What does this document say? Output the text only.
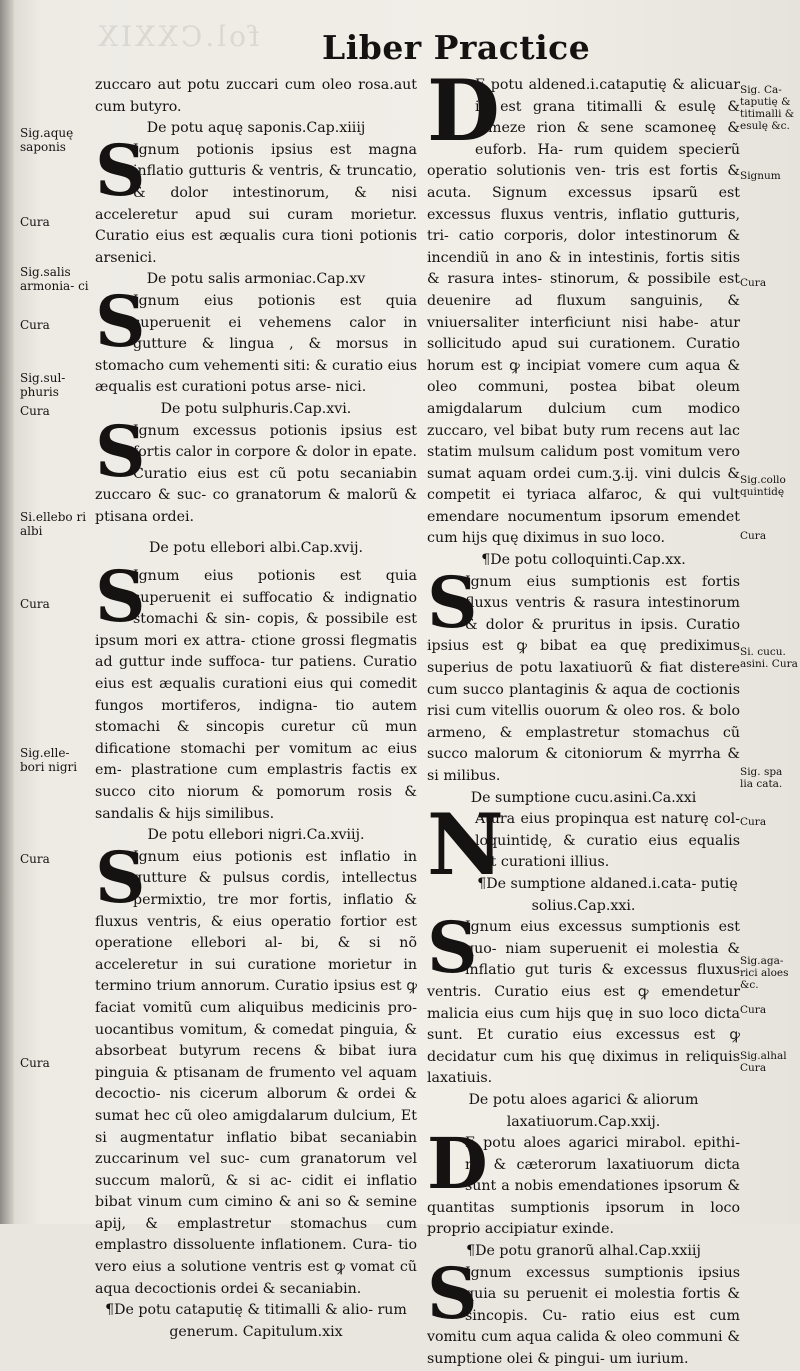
fol.CXXIX Liber Practice

zuccaro aut potu zuccari cum oleo rosa.aut cum butyro.

De potu aquę saponis.Cap.xiiij

S
Ignum potionis ipsius est magna inflatio gutturis & ventris, & truncatio, & dolor intestinorum, & nisi acceleretur apud sui curam morietur. Curatio eius est æqualis cura tioni potionis arsenici.

De potu salis armoniac.Cap.xv

S
Ignum eius potionis est quia superuenit ei vehemens calor in gutture & lingua , & morsus in stomacho cum vehementi siti: & curatio eius æqualis est curationi potus arse- nici.

De potu sulphuris.Cap.xvi.

S
Ignum excessus potionis ipsius est fortis calor in corpore & dolor in epate. Curatio eius est cũ potu secaniabin zuccaro & suc- co granatorum & malorũ & ptisana ordei.

De potu ellebori albi.Cap.xvij.

S
Ignum eius potionis est quia superuenit ei suffocatio & indignatio stomachi & sin- copis, & possibile est ipsum mori ex attra- ctione grossi flegmatis ad guttur inde suffoca- tur patiens. Curatio eius est æqualis curationi eius qui comedit fungos mortiferos, indigna- tio autem stomachi & sincopis curetur cũ mun dificatione stomachi per vomitum ac eius em- plastratione cum emplastris factis ex succo cito niorum & pomorum rosis & sandalis & hijs similibus.

De potu ellebori nigri.Ca.xviij.

S
Ignum eius potionis est inflatio in gutture & pulsus cordis, intellectus permixtio, tre mor fortis, inflatio & fluxus ventris, & eius operatio fortior est operatione ellebori al- bi, & si nõ acceleretur in sui curatione morietur in termino trium annorum. Curatio ipsius est ꝙ faciat vomitũ cum aliquibus medicinis pro- uocantibus vomitum, & comedat pinguia, & absorbeat butyrum recens & bibat iura pinguia & ptisanam de frumento vel aquam decoctio- nis cicerum alborum & ordei & sumat hec cũ oleo amigdalarum dulcium, Et si augmentatur inflatio bibat secaniabin zuccarinum vel suc- cum granatorum vel succum malorũ, & si ac- cidit ei inflatio bibat vinum cum cimino & ani so & semine apij, & emplastretur stomachus cum emplastro dissoluente inflationem. Cura- tio vero eius a solutione ventris est ꝙ vomat cũ aqua decoctionis ordei & secaniabin.

¶De potu cataputię & titimalli & alio- rum generum. Capitulum.xix

D
E potu aldened.i.cataputię & alicuar id est grana titimalli & esulę & almeze rion & sene scamoneę & euforb. Ha- rum quidem specierũ operatio solutionis ven- tris est fortis & acuta. Signum excessus ipsarũ est excessus fluxus ventris, inflatio gutturis, tri- catio corporis, dolor intestinorum & incendiũ in ano & in intestinis, fortis sitis & rasura intes- stinorum, & possibile est deuenire ad fluxum sanguinis, & vniuersaliter interficiunt nisi habe- atur sollicitudo apud sui curationem. Curatio horum est ꝙ incipiat vomere cum aqua & oleo communi, postea bibat oleum amigdalarum dulcium cum modico zuccaro, vel bibat buty rum recens aut lac statim mulsum calidum post vomitum vero sumat aquam ordei cum.ʒ.ij. vini dulcis & competit ei tyriaca alfaroc, & qui vult emendare nocumentum ipsorum emendet cum hijs quę diximus in suo loco.

¶De potu colloquinti.Cap.xx.

S
Ignum eius sumptionis est fortis fluxus ventris & rasura intestinorum & dolor & pruritus in ipsis. Curatio ipsius est ꝙ bibat ea quę prediximus superius de potu laxatiuorũ & fiat distere cum succo plantaginis & aqua de coctionis risi cum vitellis ouorum & oleo ros. & bolo armeno, & emplastretur stomachus cũ succo malorum & citoniorum & myrrha & si milibus.

De sumptione cucu.asini.Ca.xxi

N
Atura eius propinqua est naturę col- loquintidę, & curatio eius equalis est curationi illius.

¶De sumptione aldaned.i.cata- putię solius.Cap.xxi.

S
Ignum eius excessus sumptionis est quo- niam superuenit ei molestia & inflatio gut turis & excessus fluxus ventris. Curatio eius est ꝙ emendetur malicia eius cum hijs quę in suo loco dicta sunt. Et curatio eius excessus est ꝙ decidatur cum his quę diximus in reliquis laxatiuis.

De potu aloes agarici & aliorum laxatiuorum.Cap.xxij.

D
E potu aloes agarici mirabol. epithi- mi & cæterorum laxatiuorum dicta sunt a nobis emendationes ipsorum & quantitas sumptionis ipsorum in loco proprio accipiatur exinde.

¶De potu granorũ alhal.Cap.xxiij

S
Ignum excessus sumptionis ipsius quia su peruenit ei molestia fortis & sincopis. Cu- ratio eius est cum vomitu cum aqua calida & oleo communi & sumptione olei & pingui- um iurium.

Sig.aquę saponis
Cura
Sig.salis armonia- ci
Cura
Sig.sul- phuris
Cura
Si.ellebo ri albi
Cura
Sig.elle- bori nigri
Cura
Cura
Sig. Ca- taputię & titimalli & esulę &c.
Signum
Cura
Sig.collo quintidę
Cura
Si. cucu. asini. Cura
Sig. spa lia cata.
Cura
Sig.aga- rici aloes &c.
Cura
Sig.alhal Cura
